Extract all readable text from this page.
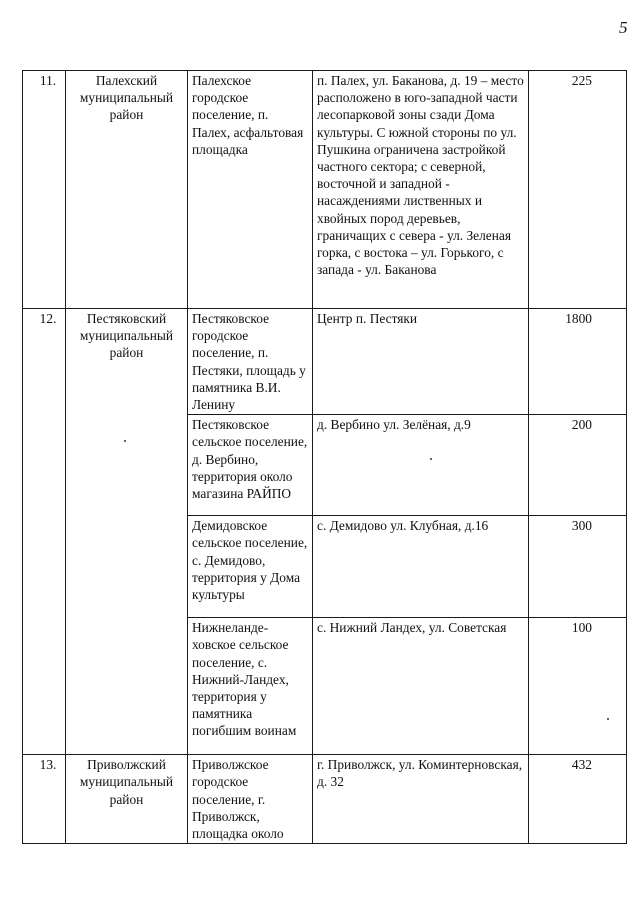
5
11.	Палехский муниципальный район	Палехское городское поселение, п. Палех, асфальтовая площадка	п. Палех, ул. Баканова, д. 19 – место расположено в юго-западной части лесопарковой зоны сзади Дома культуры. С южной стороны по ул. Пушкина ограничена застройкой частного сектора; с северной, восточной и западной - насаждениями лиственных и хвойных пород деревьев, граничащих с севера - ул. Зеленая горка, с востока – ул. Горького, с запада - ул. Баканова	225
12.	Пестяковский муниципальный район	Пестяковское городское поселение, п. Пестяки, площадь у памятника В.И. Ленину	Центр п. Пестяки	1800
		Пестяковское сельское поселение, д. Вербино, территория около магазина РАЙПО	д. Вербино ул. Зелёная, д.9	200
		Демидовское сельское поселение, с. Демидово, территория у Дома культуры	с. Демидово ул. Клубная, д.16	300
		Нижнеланде-ховское сельское поселение, с. Нижний-Ландех, территория у памятника погибшим воинам	с. Нижний Ландех, ул. Советская	100
13.	Приволжский муниципальный район	Приволжское городское поселение, г. Приволжск, площадка около	г. Приволжск, ул. Коминтерновская, д. 32	432
